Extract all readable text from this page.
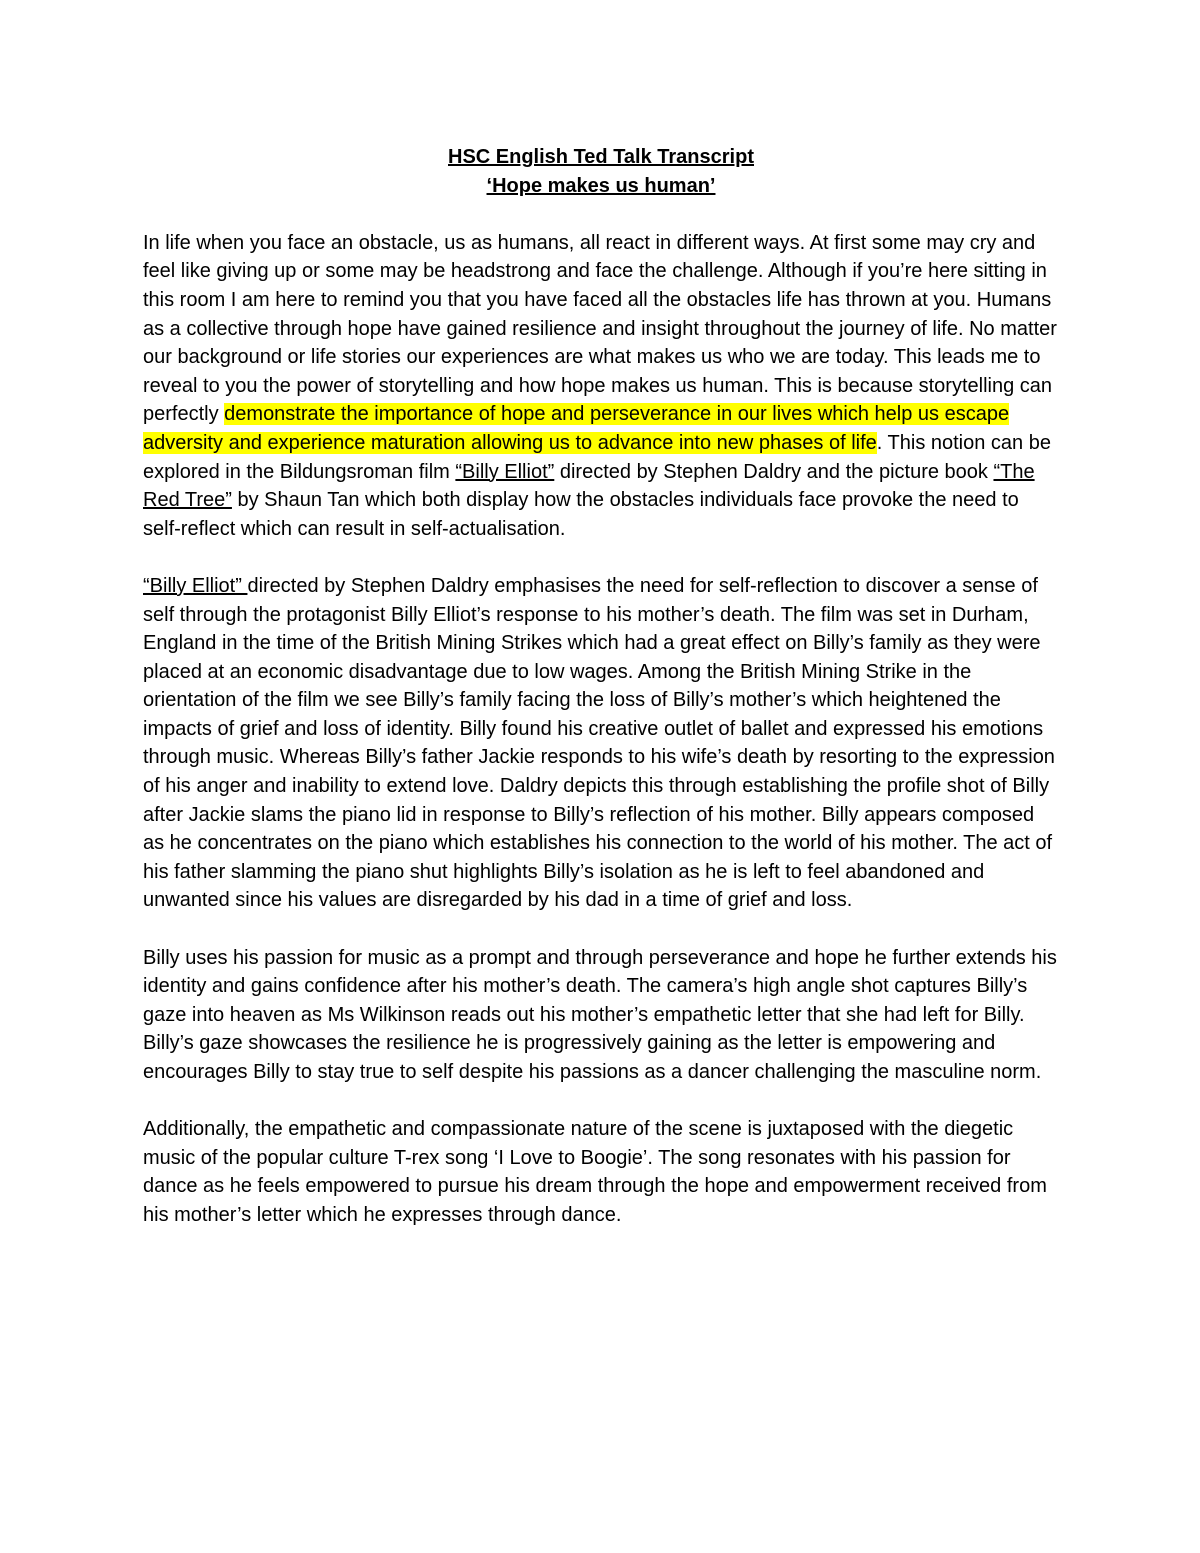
HSC English Ted Talk Transcript
‘Hope makes us human’

In life when you face an obstacle, us as humans, all react in different ways. At first some may cry and feel like giving up or some may be headstrong and face the challenge. Although if you’re here sitting in this room I am here to remind you that you have faced all the obstacles life has thrown at you. Humans as a collective through hope have gained resilience and insight throughout the journey of life. No matter our background or life stories our experiences are what makes us who we are today. This leads me to reveal to you the power of storytelling and how hope makes us human. This is because storytelling can perfectly demonstrate the importance of hope and perseverance in our lives which help us escape adversity and experience maturation allowing us to advance into new phases of life. This notion can be explored in the Bildungsroman film “Billy Elliot” directed by Stephen Daldry and the picture book “The Red Tree” by Shaun Tan which both display how the obstacles individuals face provoke the need to self-reflect which can result in self-actualisation.

“Billy Elliot” directed by Stephen Daldry emphasises the need for self-reflection to discover a sense of self through the protagonist Billy Elliot’s response to his mother’s death. The film was set in Durham, England in the time of the British Mining Strikes which had a great effect on Billy’s family as they were placed at an economic disadvantage due to low wages. Among the British Mining Strike in the orientation of the film we see Billy’s family facing the loss of Billy’s mother’s which heightened the impacts of grief and loss of identity. Billy found his creative outlet of ballet and expressed his emotions through music. Whereas Billy’s father Jackie responds to his wife’s death by resorting to the expression of his anger and inability to extend love. Daldry depicts this through establishing the profile shot of Billy after Jackie slams the piano lid in response to Billy’s reflection of his mother. Billy appears composed as he concentrates on the piano which establishes his connection to the world of his mother. The act of his father slamming the piano shut highlights Billy’s isolation as he is left to feel abandoned and unwanted since his values are disregarded by his dad in a time of grief and loss.

Billy uses his passion for music as a prompt and through perseverance and hope he further extends his identity and gains confidence after his mother’s death. The camera’s high angle shot captures Billy’s gaze into heaven as Ms Wilkinson reads out his mother’s empathetic letter that she had left for Billy. Billy’s gaze showcases the resilience he is progressively gaining as the letter is empowering and encourages Billy to stay true to self despite his passions as a dancer challenging the masculine norm.

Additionally, the empathetic and compassionate nature of the scene is juxtaposed with the diegetic music of the popular culture T-rex song ‘I Love to Boogie’. The song resonates with his passion for dance as he feels empowered to pursue his dream through the hope and empowerment received from his mother’s letter which he expresses through dance.
